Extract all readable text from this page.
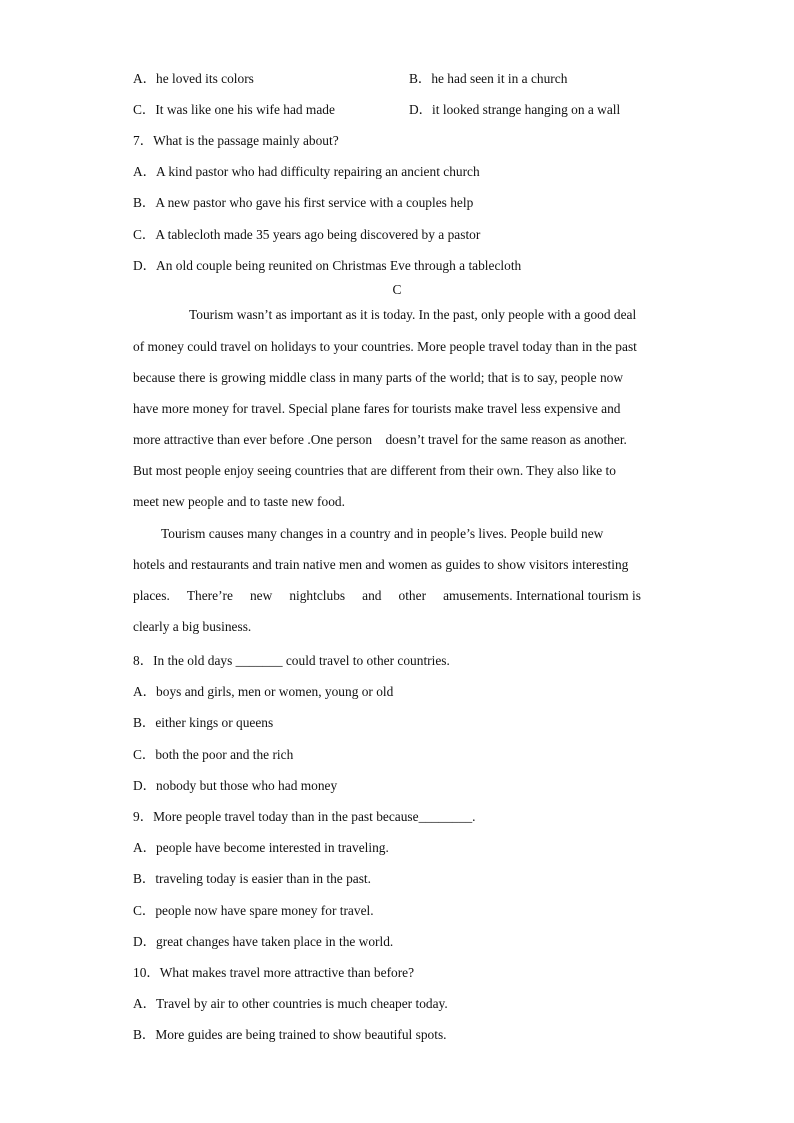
A．he loved its colors	B．he had seen it in a church
C．It was like one his wife had made	D．it looked strange hanging on a wall
7．What is the passage mainly about?
A．A kind pastor who had difficulty repairing an ancient church
B．A new pastor who gave his first service with a couples help
C．A tablecloth made 35 years ago being discovered by a pastor
D．An old couple being reunited on Christmas Eve through a tablecloth
C
Tourism wasn’t as important as it is today. In the past, only people with a good deal
of money could travel on holidays to your countries. More people travel today than in the past
because there is growing middle class in many parts of the world; that is to say, people now
have more money for travel. Special plane fares for tourists make travel less expensive and
more attractive than ever before .One person    doesn’t travel for the same reason as another.
But most people enjoy seeing countries that are different from their own. They also like to
meet new people and to taste new food.
Tourism causes many changes in a country and in people’s lives. People build new
hotels and restaurants and train native men and women as guides to show visitors interesting
places. There’re new nightclubs and other amusements. International tourism is
clearly a big business.
8．In the old days _______ could travel to other countries.
A．boys and girls, men or women, young or old
B．either kings or queens
C．both the poor and the rich
D．nobody but those who had money
9．More people travel today than in the past because________.
A．people have become interested in traveling.
B．traveling today is easier than in the past.
C．people now have spare money for travel.
D．great changes have taken place in the world.
10．What makes travel more attractive than before?
A．Travel by air to other countries is much cheaper today.
B．More guides are being trained to show beautiful spots.
